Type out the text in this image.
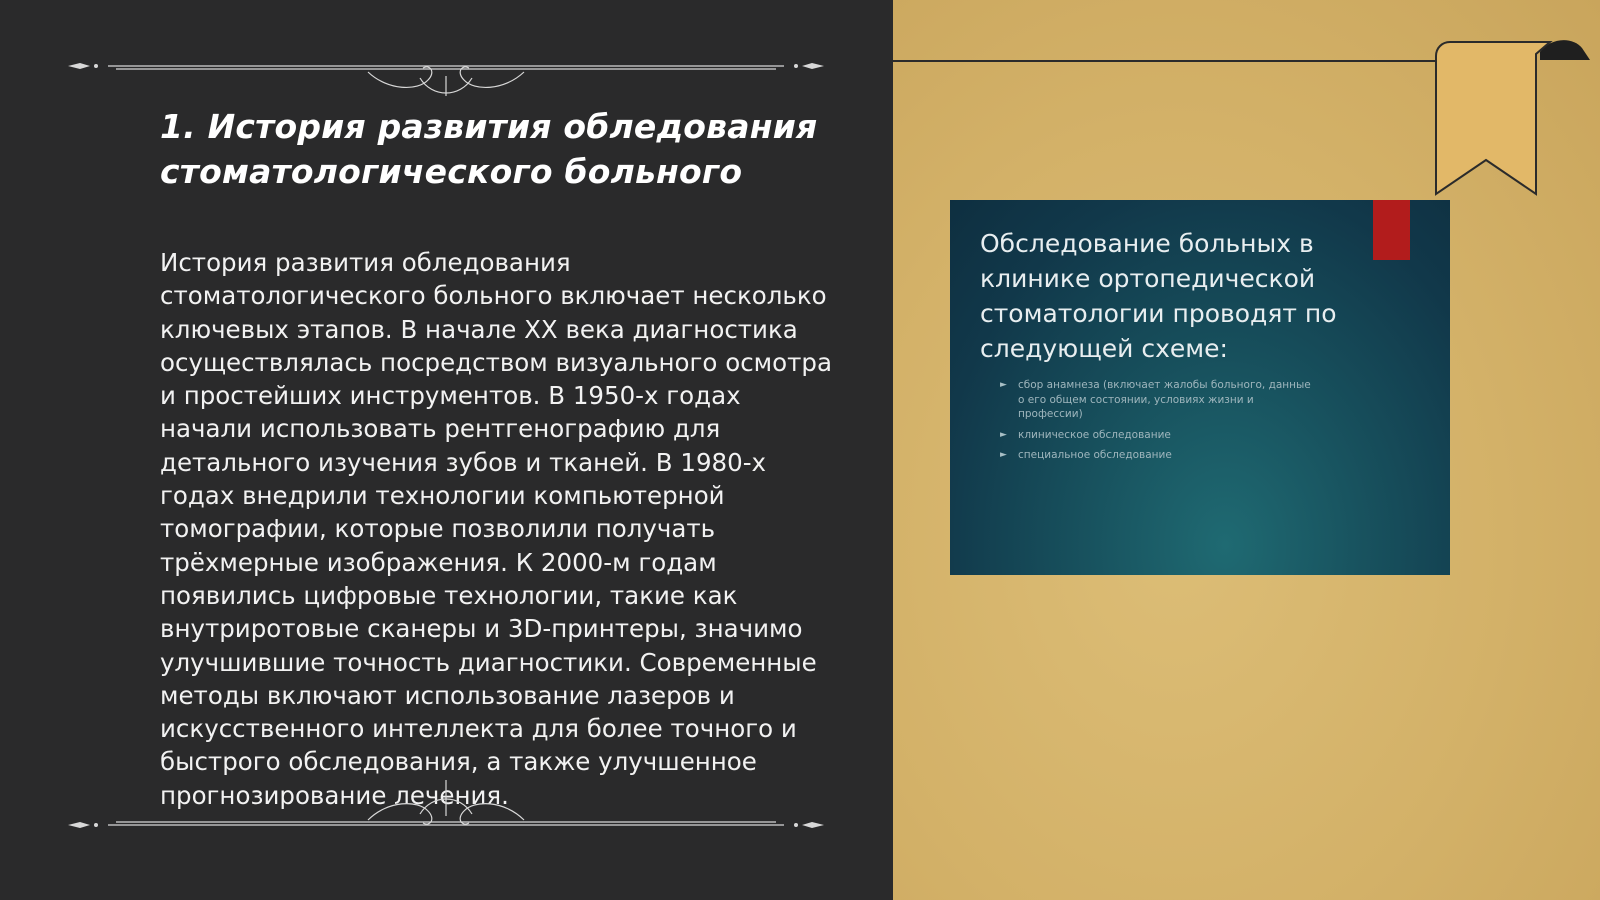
1. История развития обледования стоматологического больного

История развития обледования стоматологического больного включает несколько ключевых этапов. В начале XX века диагностика осуществлялась посредством визуального осмотра и простейших инструментов. В 1950-х годах начали использовать рентгенографию для детального изучения зубов и тканей. В 1980-х годах внедрили технологии компьютерной томографии, которые позволили получать трёхмерные изображения. К 2000-м годам появились цифровые технологии, такие как внутриротовые сканеры и 3D-принтеры, значимо улучшившие точность диагностики. Современные методы включают использование лазеров и искусственного интеллекта для более точного и быстрого обследования, а также улучшенное прогнозирование лечения.

Обследование больных в клинике ортопедической стоматологии проводят по следующей схеме:

► сбор анамнеза (включает жалобы больного, данные о его общем состоянии, условиях жизни и профессии)
► клиническое обследование
► специальное обследование
